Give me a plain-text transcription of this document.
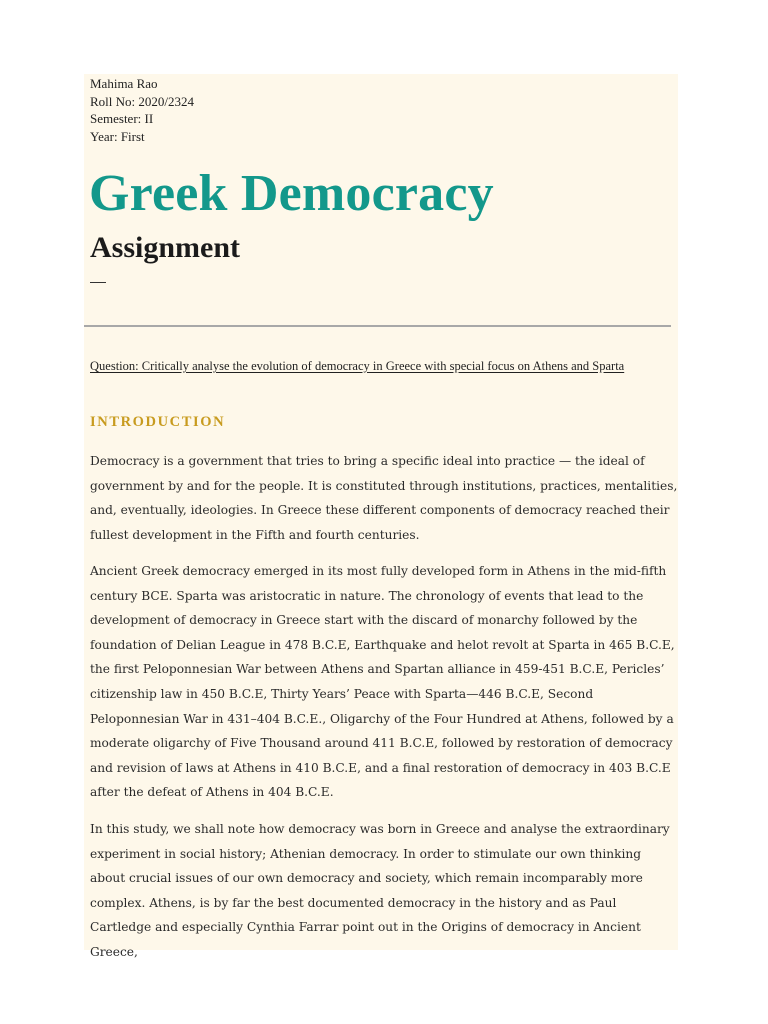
Mahima Rao
Roll No: 2020/2324
Semester: II
Year: First
Greek Democracy
Assignment
Question: Critically analyse the evolution of democracy in Greece with special focus on Athens and Sparta
INTRODUCTION

Democracy is a government that tries to bring a specific ideal into practice — the ideal of government by and for the people. It is constituted through institutions, practices, mentalities, and, eventually, ideologies. In Greece these different components of democracy reached their fullest development in the Fifth and fourth centuries.

Ancient Greek democracy emerged in its most fully developed form in Athens in the mid-fifth century BCE. Sparta was aristocratic in nature. The chronology of events that lead to the development of democracy in Greece start with the discard of monarchy followed by the foundation of Delian League in 478 B.C.E, Earthquake and helot revolt at Sparta in 465 B.C.E, the first Peloponnesian War between Athens and Spartan alliance in 459-451 B.C.E, Pericles’ citizenship law in 450 B.C.E, Thirty Years’ Peace with Sparta—446 B.C.E, Second Peloponnesian War in 431–404 B.C.E., Oligarchy of the Four Hundred at Athens, followed by a moderate oligarchy of Five Thousand around 411 B.C.E, followed by restoration of democracy and revision of laws at Athens in 410 B.C.E, and a final restoration of democracy in 403 B.C.E after the defeat of Athens in 404 B.C.E.

In this study, we shall note how democracy was born in Greece and analyse the extraordinary experiment in social history; Athenian democracy. In order to stimulate our own thinking about crucial issues of our own democracy and society, which remain incomparably more complex. Athens, is by far the best documented democracy in the history and as Paul Cartledge and especially Cynthia Farrar point out in the Origins of democracy in Ancient Greece,
